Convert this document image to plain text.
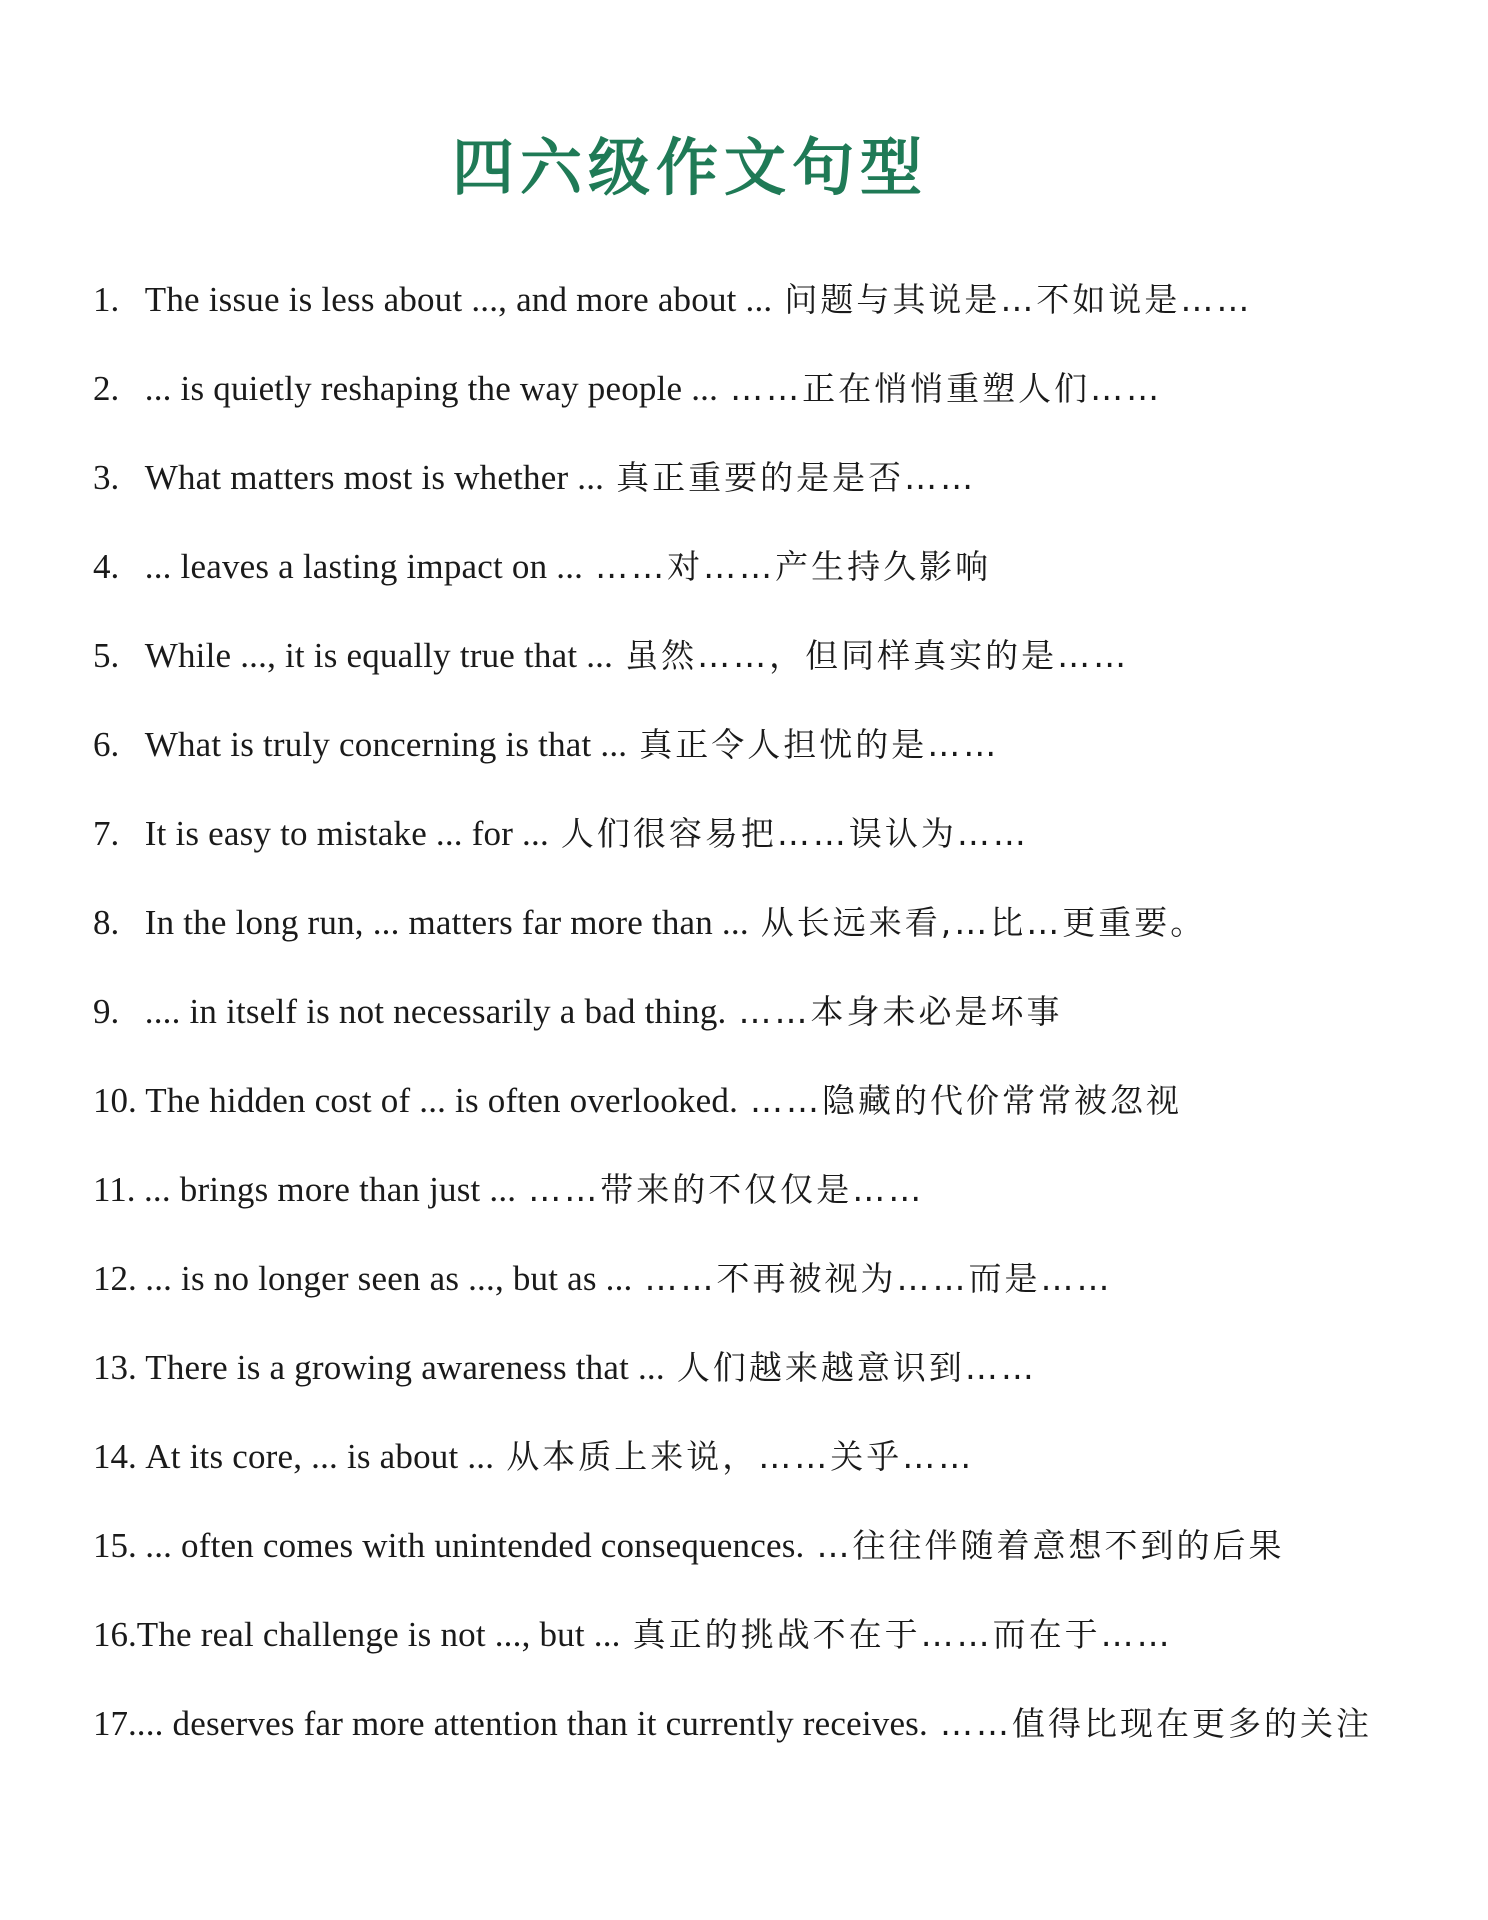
四六级作文句型
1. The issue is less about ..., and more about ... 问题与其说是…不如说是……
2. ... is quietly reshaping the way people ... ……正在悄悄重塑人们……
3. What matters most is whether ... 真正重要的是是否……
4. ... leaves a lasting impact on ... ……对……产生持久影响
5. While ..., it is equally true that ... 虽然……，但同样真实的是……
6. What is truly concerning is that ... 真正令人担忧的是……
7. It is easy to mistake ... for ... 人们很容易把……误认为……
8. In the long run, ... matters far more than ... 从长远来看,…比…更重要。
9. .... in itself is not necessarily a bad thing. ……本身未必是坏事
10. The hidden cost of ... is often overlooked. ……隐藏的代价常常被忽视
11. ... brings more than just ... ……带来的不仅仅是……
12. ... is no longer seen as ..., but as ... ……不再被视为……而是……
13. There is a growing awareness that ... 人们越来越意识到……
14. At its core, ... is about ... 从本质上来说，……关乎……
15. ... often comes with unintended consequences. …往往伴随着意想不到的后果
16.The real challenge is not ..., but ... 真正的挑战不在于……而在于……
17.... deserves far more attention than it currently receives. ……值得比现在更多的关注
